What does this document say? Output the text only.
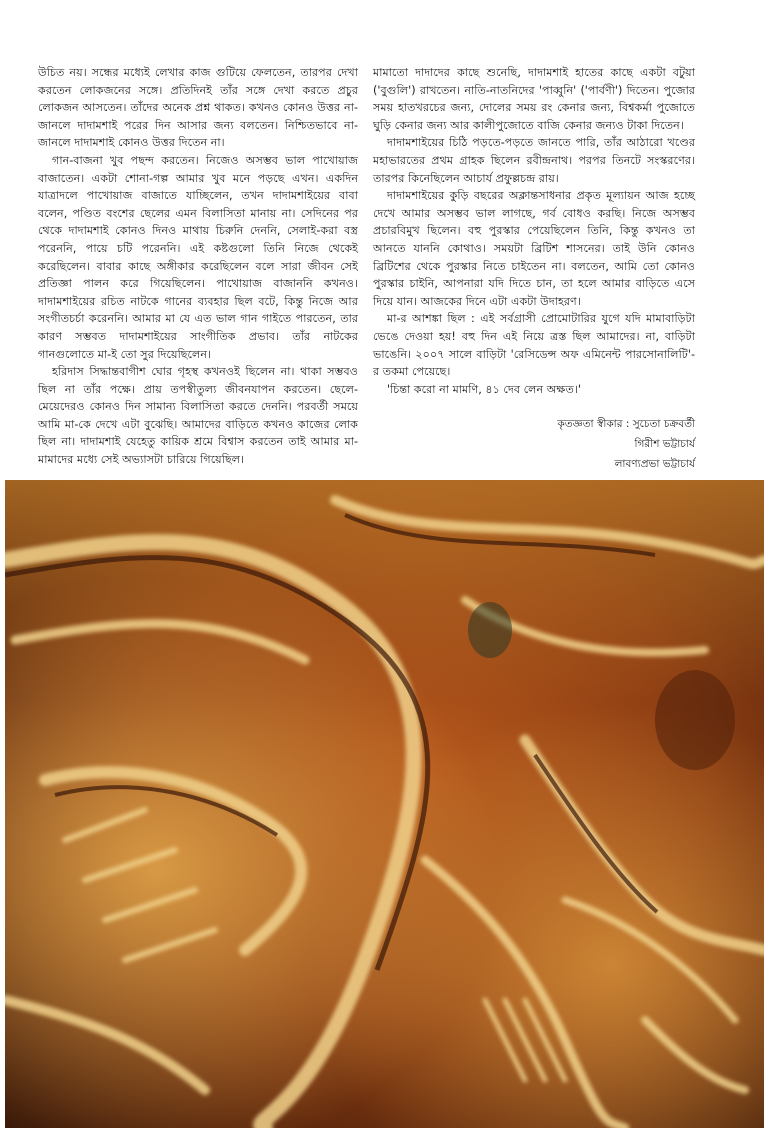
উচিত নয়। সন্ধের মধ্যেই লেখার কাজ গুটিয়ে ফেলতেন, তারপর দেখা করতেন লোকজনের সঙ্গে। প্রতিদিনই তাঁর সঙ্গে দেখা করতে প্রচুর লোকজন আসতেন। তাঁদের অনেক প্রশ্ন থাকত। কখনও কোনও উত্তর না-জানলে দাদামশাই পরের দিন আসার জন্য বলতেন। নিশ্চিতভাবে না-জানলে দাদামশাই কোনও উত্তর দিতেন না।

গান-বাজনা খুব পছন্দ করতেন। নিজেও অসম্ভব ভাল পাখোয়াজ বাজাতেন। একটা শোনা-গল্প আমার খুব মনে পড়ছে এখন। একদিন যাত্রাদলে পাখোয়াজ বাজাতে যাচ্ছিলেন, তখন দাদামশাইয়ের বাবা বলেন, পণ্ডিত বংশের ছেলের এমন বিলাসিতা মানায় না। সেদিনের পর থেকে দাদামশাই কোনও দিনও মাথায় চিরুনি দেননি, সেলাই-করা বস্ত্র পরেননি, পায়ে চটি পরেননি। এই কষ্টগুলো তিনি নিজে থেকেই করেছিলেন। বাবার কাছে অঙ্গীকার করেছিলেন বলে সারা জীবন সেই প্রতিজ্ঞা পালন করে গিয়েছিলেন। পাখোয়াজ বাজাননি কখনও। দাদামশাইয়ের রচিত নাটকে গানের ব্যবহার ছিল বটে, কিন্তু নিজে আর সংগীতচর্চা করেননি। আমার মা যে এত ভাল গান গাইতে পারতেন, তার কারণ সম্ভবত দাদামশাইয়ের সাংগীতিক প্রভাব। তাঁর নাটকের গানগুলোতে মা-ই তো সুর দিয়েছিলেন।

হরিদাস সিদ্ধান্তবাগীশ ঘোর গৃহস্থ কখনওই ছিলেন না। থাকা সম্ভবও ছিল না তাঁর পক্ষে। প্রায় তপস্বীতুল্য জীবনযাপন করতেন। ছেলে-মেয়েদেরও কোনও দিন সামান্য বিলাসিতা করতে দেননি। পরবর্তী সময়ে আমি মা-কে দেখে এটা বুঝেছি। আমাদের বাড়িতে কখনও কাজের লোক ছিল না। দাদামশাই যেহেতু কায়িক শ্রমে বিশ্বাস করতেন তাই আমার মা-মামাদের মধ্যে সেই অভ্যাসটা চারিয়ে গিয়েছিল।

মামাতো দাদাদের কাছে শুনেছি, দাদামশাই হাতের কাছে একটা বটুয়া ('বুগুলি') রাখতেন। নাতি-নাতনিদের 'পাব্বুনি' ('পার্বণী') দিতেন। পুজোর সময় হাতখরচের জন্য, দোলের সময় রং কেনার জন্য, বিশ্বকর্মা পুজোতে ঘুড়ি কেনার জন্য আর কালীপুজোতে বাজি কেনার জন্যও টাকা দিতেন।

দাদামশাইয়ের চিঠি পড়তে-পড়তে জানতে পারি, তাঁর আঠারো খণ্ডের মহাভারতের প্রথম গ্রাহক ছিলেন রবীন্দ্রনাথ। পরপর তিনটে সংস্করণের। তারপর কিনেছিলেন আচার্য প্রফুল্লচন্দ্র রায়।

দাদামশাইয়ের কুড়ি বছরের অক্লান্তসাধনার প্রকৃত মূল্যায়ন আজ হচ্ছে দেখে আমার অসম্ভব ভাল লাগছে, গর্ব বোধও করছি। নিজে অসম্ভব প্রচারবিমুখ ছিলেন। বহু পুরস্কার পেয়েছিলেন তিনি, কিন্তু কখনও তা আনতে যাননি কোথাও। সময়টা ব্রিটিশ শাসনের। তাই উনি কোনও ব্রিটিশের থেকে পুরস্কার নিতে চাইতেন না। বলতেন, আমি তো কোনও পুরস্কার চাইনি, আপনারা যদি দিতে চান, তা হলে আমার বাড়িতে এসে দিয়ে যান। আজকের দিনে এটা একটা উদাহরণ।

মা-র আশঙ্কা ছিল : এই সর্বগ্রাসী প্রোমোটারির যুগে যদি মামাবাড়িটা ভেঙে দেওয়া হয়! বহু দিন এই নিয়ে ত্রস্ত ছিল আমাদের। না, বাড়িটা ভাঙেনি। ২০০৭ সালে বাড়িটা 'রেসিডেন্স অফ এমিনেন্ট পারসোনালিটি'-র তকমা পেয়েছে।

'চিন্তা করো না মামণি, ৪১ দেব লেন অক্ষত।'

কৃতজ্ঞতা স্বীকার : সুচেতা চক্রবর্তী
গিরীশ ভট্টাচার্য
লাবণ্যপ্রভা ভট্টাচার্য
